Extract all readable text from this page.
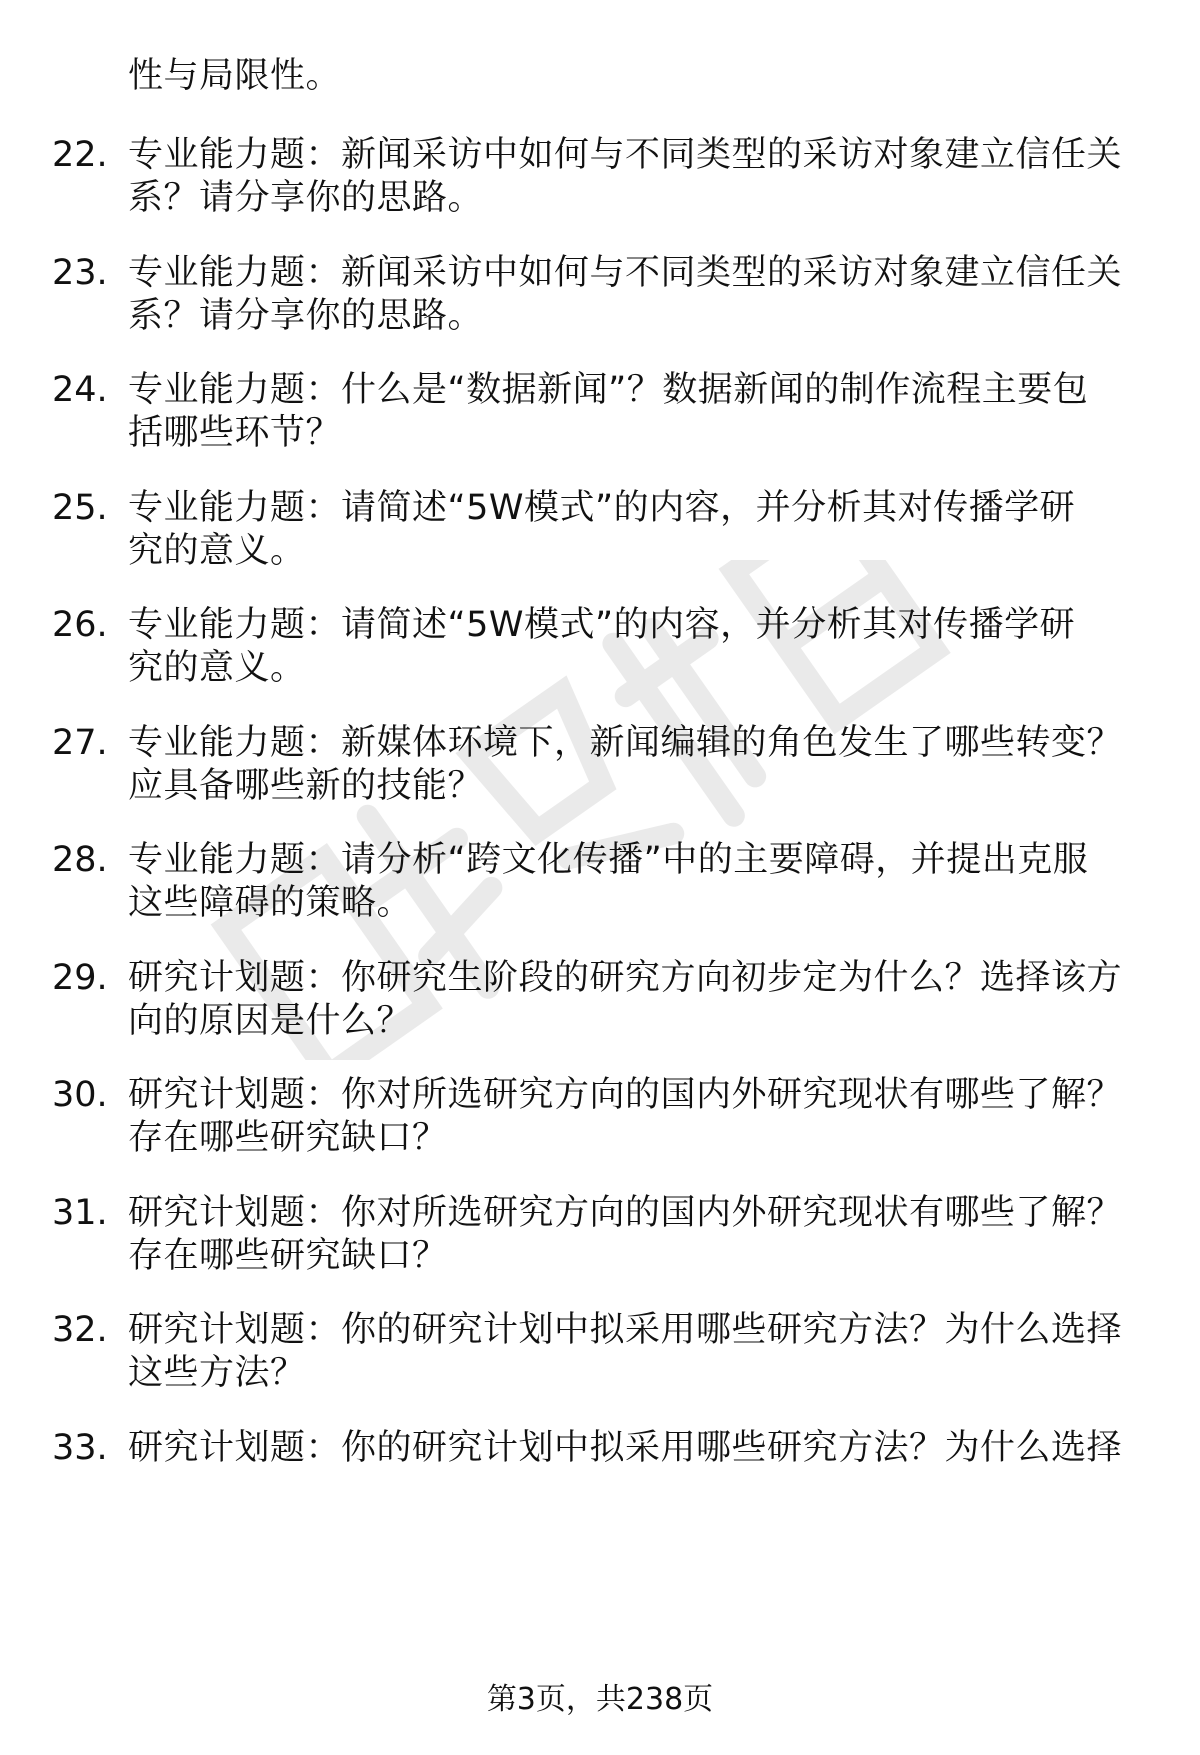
性与局限性。
22. 专业能力题：新闻采访中如何与不同类型的采访对象建立信任关
系？请分享你的思路。
23. 专业能力题：新闻采访中如何与不同类型的采访对象建立信任关
系？请分享你的思路。
24. 专业能力题：什么是“数据新闻”？数据新闻的制作流程主要包
括哪些环节？
25. 专业能力题：请简述“5W模式”的内容，并分析其对传播学研
究的意义。
26. 专业能力题：请简述“5W模式”的内容，并分析其对传播学研
究的意义。
27. 专业能力题：新媒体环境下，新闻编辑的角色发生了哪些转变？
应具备哪些新的技能？
28. 专业能力题：请分析“跨文化传播”中的主要障碍，并提出克服
这些障碍的策略。
29. 研究计划题：你研究生阶段的研究方向初步定为什么？选择该方
向的原因是什么？
30. 研究计划题：你对所选研究方向的国内外研究现状有哪些了解？
存在哪些研究缺口？
31. 研究计划题：你对所选研究方向的国内外研究现状有哪些了解？
存在哪些研究缺口？
32. 研究计划题：你的研究计划中拟采用哪些研究方法？为什么选择
这些方法？
33. 研究计划题：你的研究计划中拟采用哪些研究方法？为什么选择
第3页，共238页
